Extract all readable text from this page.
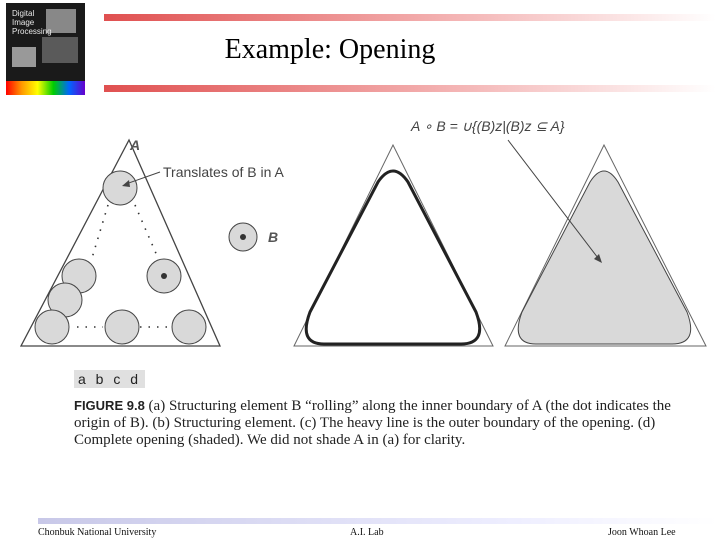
Digital
Image
Processing
Example: Opening
A
Translates of B in A
B
A ∘ B = ∪{(B)z|(B)z ⊆ A}
a b c d
FIGURE 9.8 (a) Structuring element B “rolling” along the inner boundary of A (the dot indicates the origin of B). (b) Structuring element. (c) The heavy line is the outer boundary of the opening. (d) Complete opening (shaded). We did not shade A in (a) for clarity.
Chonbuk National University	A.I. Lab	Joon Whoan Lee
